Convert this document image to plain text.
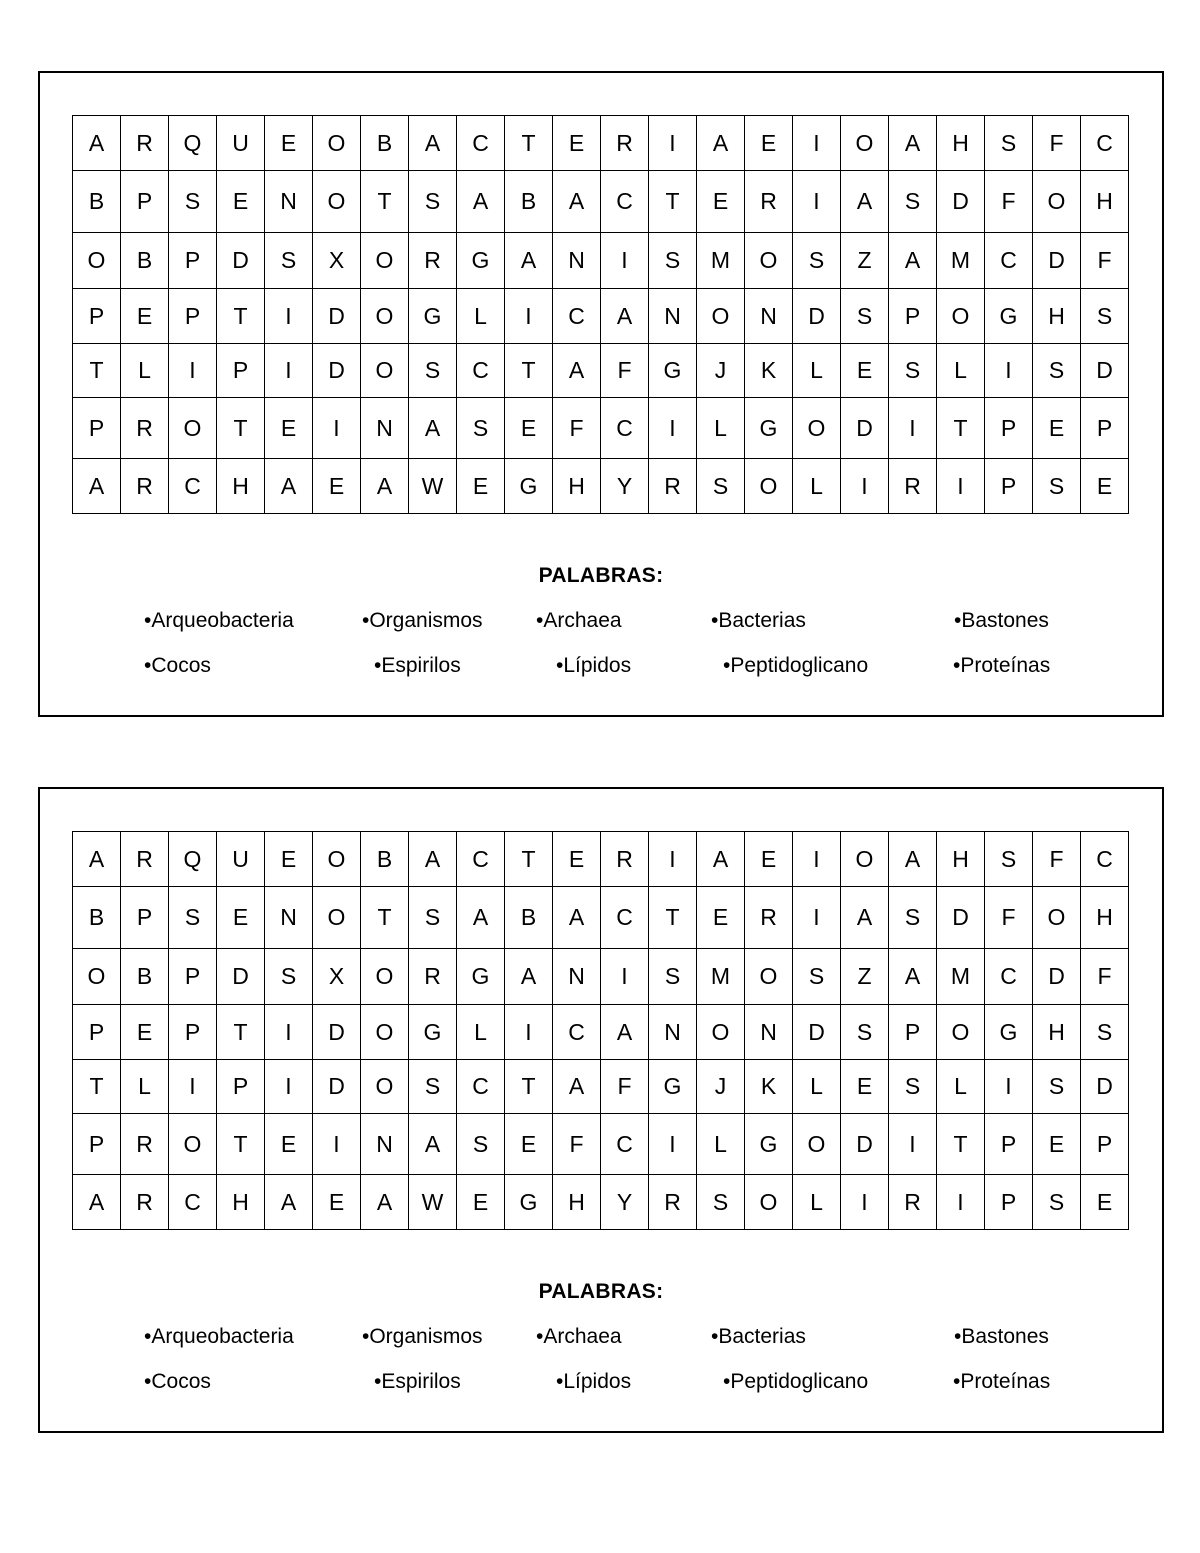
A	R	Q	U	E	O	B	A	C	T	E	R	I	A	E	I	O	A	H	S	F	C
B	P	S	E	N	O	T	S	A	B	A	C	T	E	R	I	A	S	D	F	O	H
O	B	P	D	S	X	O	R	G	A	N	I	S	M	O	S	Z	A	M	C	D	F
P	E	P	T	I	D	O	G	L	I	C	A	N	O	N	D	S	P	O	G	H	S
T	L	I	P	I	D	O	S	C	T	A	F	G	J	K	L	E	S	L	I	S	D
P	R	O	T	E	I	N	A	S	E	F	C	I	L	G	O	D	I	T	P	E	P
A	R	C	H	A	E	A	W	E	G	H	Y	R	S	O	L	I	R	I	P	S	E
PALABRAS:
•Arqueobacteria	•Organismos	•Archaea	•Bacterias	•Bastones
•Cocos	•Espirilos	•Lípidos	•Peptidoglicano	•Proteínas
A	R	Q	U	E	O	B	A	C	T	E	R	I	A	E	I	O	A	H	S	F	C
B	P	S	E	N	O	T	S	A	B	A	C	T	E	R	I	A	S	D	F	O	H
O	B	P	D	S	X	O	R	G	A	N	I	S	M	O	S	Z	A	M	C	D	F
P	E	P	T	I	D	O	G	L	I	C	A	N	O	N	D	S	P	O	G	H	S
T	L	I	P	I	D	O	S	C	T	A	F	G	J	K	L	E	S	L	I	S	D
P	R	O	T	E	I	N	A	S	E	F	C	I	L	G	O	D	I	T	P	E	P
A	R	C	H	A	E	A	W	E	G	H	Y	R	S	O	L	I	R	I	P	S	E
PALABRAS:
•Arqueobacteria	•Organismos	•Archaea	•Bacterias	•Bastones
•Cocos	•Espirilos	•Lípidos	•Peptidoglicano	•Proteínas
